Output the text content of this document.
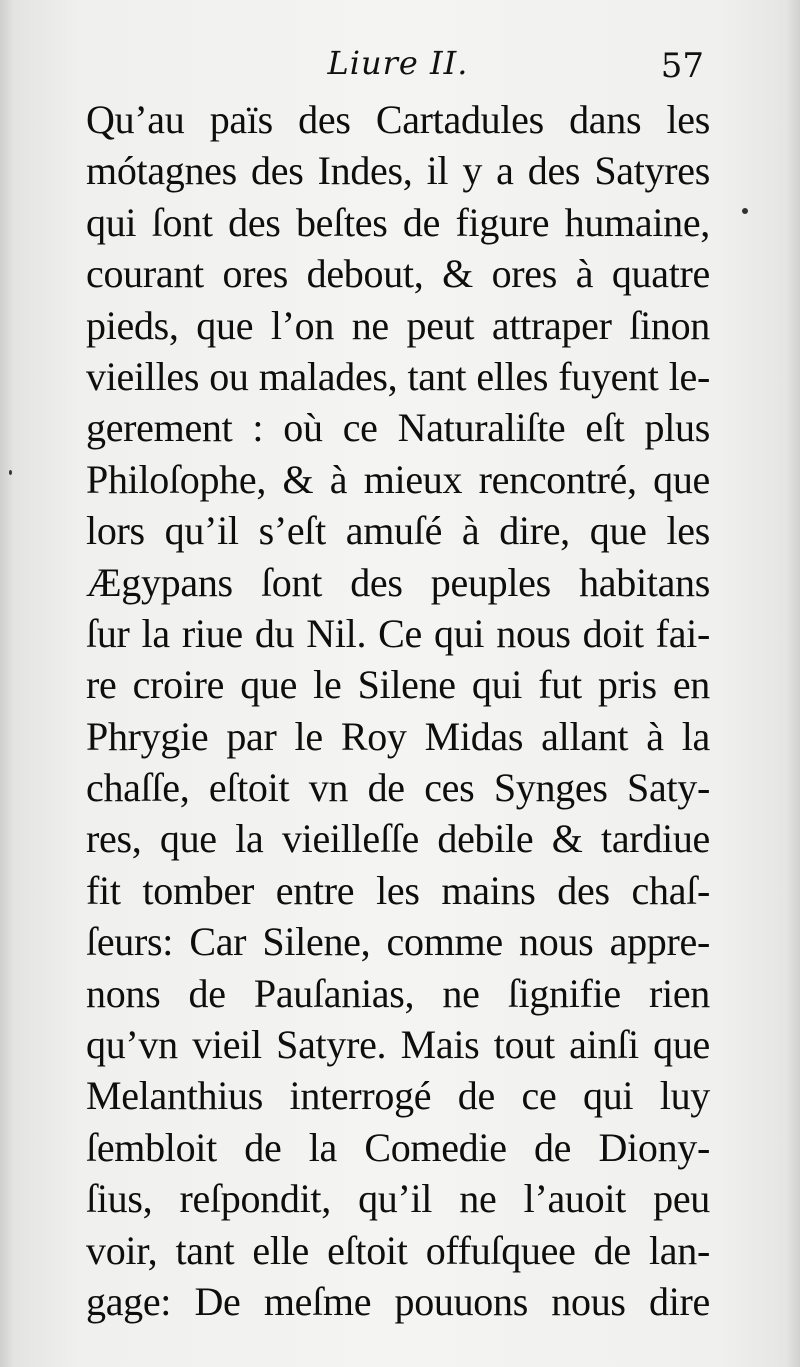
Liure II.	57
Qu’au païs des Cartadules dans les
mótagnes des Indes, il y a des Satyres
qui ſont des beſtes de figure humaine,
courant ores debout, & ores à quatre
pieds, que l’on ne peut attraper ſinon
vieilles ou malades, tant elles fuyent le-
gerement : où ce Naturaliſte eſt plus
Philoſophe, & à mieux rencontré, que
lors qu’il s’eſt amuſé à dire, que les
Ægypans ſont des peuples habitans
ſur la riue du Nil. Ce qui nous doit fai-
re croire que le Silene qui fut pris en
Phrygie par le Roy Midas allant à la
chaſſe, eſtoit vn de ces Synges Saty-
res, que la vieilleſſe debile & tardiue
fit tomber entre les mains des chaſ-
ſeurs: Car Silene, comme nous appre-
nons de Pauſanias, ne ſignifie rien
qu’vn vieil Satyre. Mais tout ainſi que
Melanthius interrogé de ce qui luy
ſembloit de la Comedie de Diony-
ſius, reſpondit, qu’il ne l’auoit peu
voir, tant elle eſtoit offuſquee de lan-
gage: De meſme pouuons nous dire
